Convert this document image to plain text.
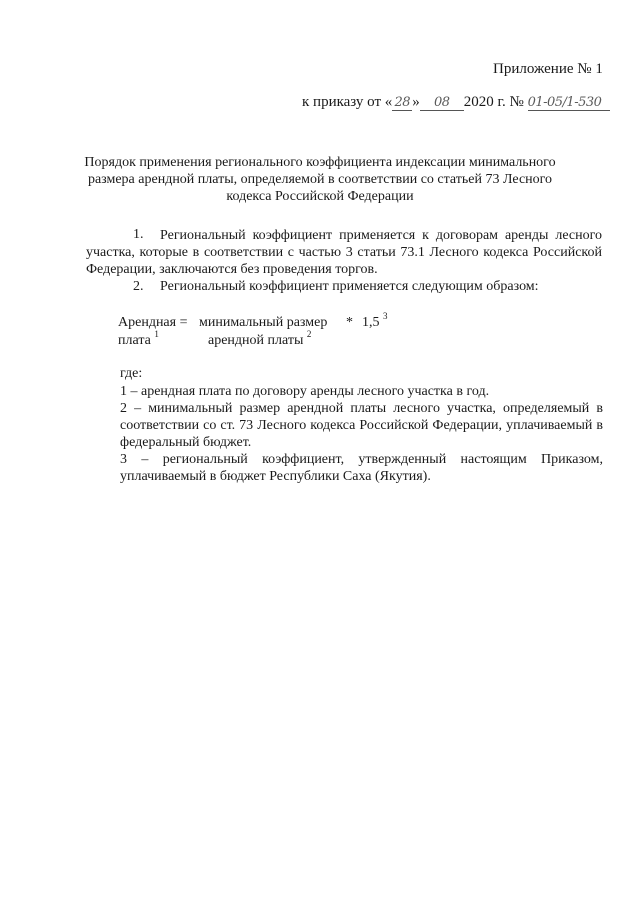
Приложение № 1
к приказу от « 28 » 08 2020 г. № 01-05/1-530
Порядок применения регионального коэффициента индексации минимального
размера арендной платы, определяемой в соответствии со статьей 73 Лесного
кодекса Российской Федерации
1.	Региональный коэффициент применяется к договорам аренды лесного участка, которые в соответствии с частью 3 статьи 73.1 Лесного кодекса Российской Федерации, заключаются без проведения торгов.
2. Региональный коэффициент применяется следующим образом:
Арендная =
плата $^1$
минимальный размер
арендной платы $^2$
* 1,5 $^3$
где:
1 – арендная плата по договору аренды лесного участка в год.
2 – минимальный размер арендной платы лесного участка, определяемый в соответствии со ст. 73 Лесного кодекса Российской Федерации, уплачиваемый в федеральный бюджет.
3 – региональный коэффициент, утвержденный настоящим Приказом, уплачиваемый в бюджет Республики Саха (Якутия).
